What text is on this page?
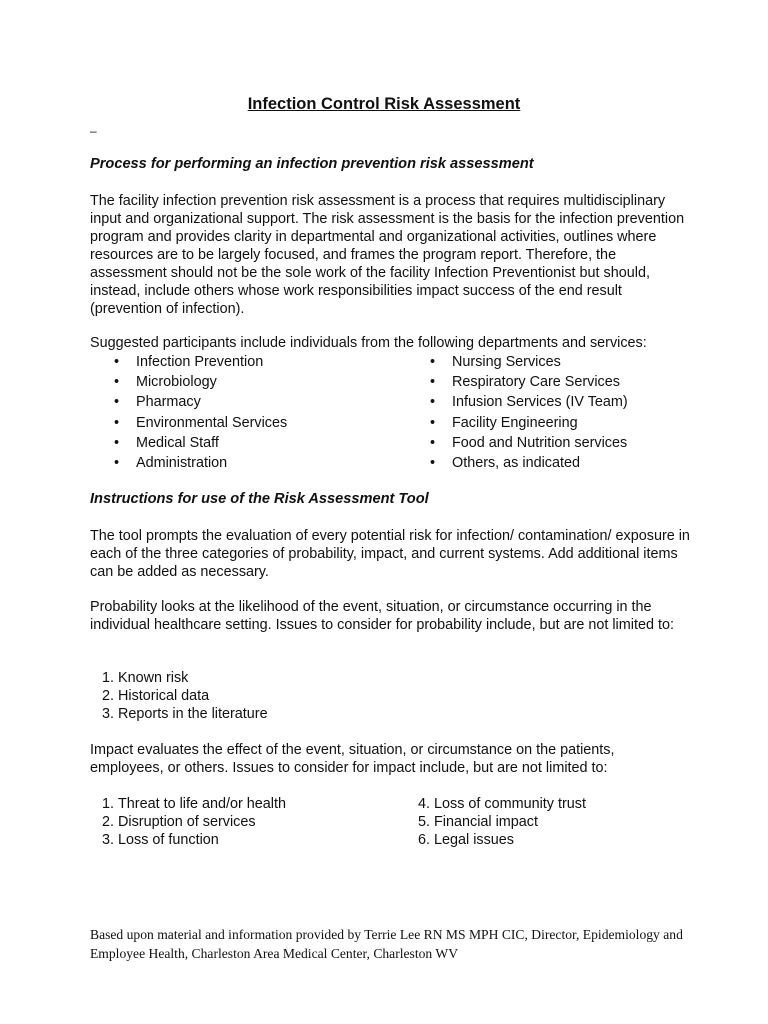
Infection Control Risk Assessment
–
Process for performing an infection prevention risk assessment

The facility infection prevention risk assessment is a process that requires multidisciplinary input and organizational support. The risk assessment is the basis for the infection prevention program and provides clarity in departmental and organizational activities, outlines where resources are to be largely focused, and frames the program report. Therefore, the assessment should not be the sole work of the facility Infection Preventionist but should, instead, include others whose work responsibilities impact success of the end result (prevention of infection).

Suggested participants include individuals from the following departments and services:

•	Infection Prevention
•	Microbiology
•	Pharmacy
•	Environmental Services
•	Medical Staff
•	Administration
•	Nursing Services
•	Respiratory Care Services
•	Infusion Services (IV Team)
•	Facility Engineering
•	Food and Nutrition services
•	Others, as indicated
Instructions for use of the Risk Assessment Tool

The tool prompts the evaluation of every potential risk for infection/ contamination/ exposure in each of the three categories of probability, impact, and current systems. Add additional items can be added as necessary.

Probability looks at the likelihood of the event, situation, or circumstance occurring in the individual healthcare setting. Issues to consider for probability include, but are not limited to:

1. Known risk
2. Historical data
3. Reports in the literature

Impact evaluates the effect of the event, situation, or circumstance on the patients, employees, or others. Issues to consider for impact include, but are not limited to:

1. Threat to life and/or health
2. Disruption of services
3. Loss of function
4. Loss of community trust
5. Financial impact
6. Legal issues
Based upon material and information provided by Terrie Lee RN MS MPH CIC, Director, Epidemiology and Employee Health, Charleston Area Medical Center, Charleston WV
